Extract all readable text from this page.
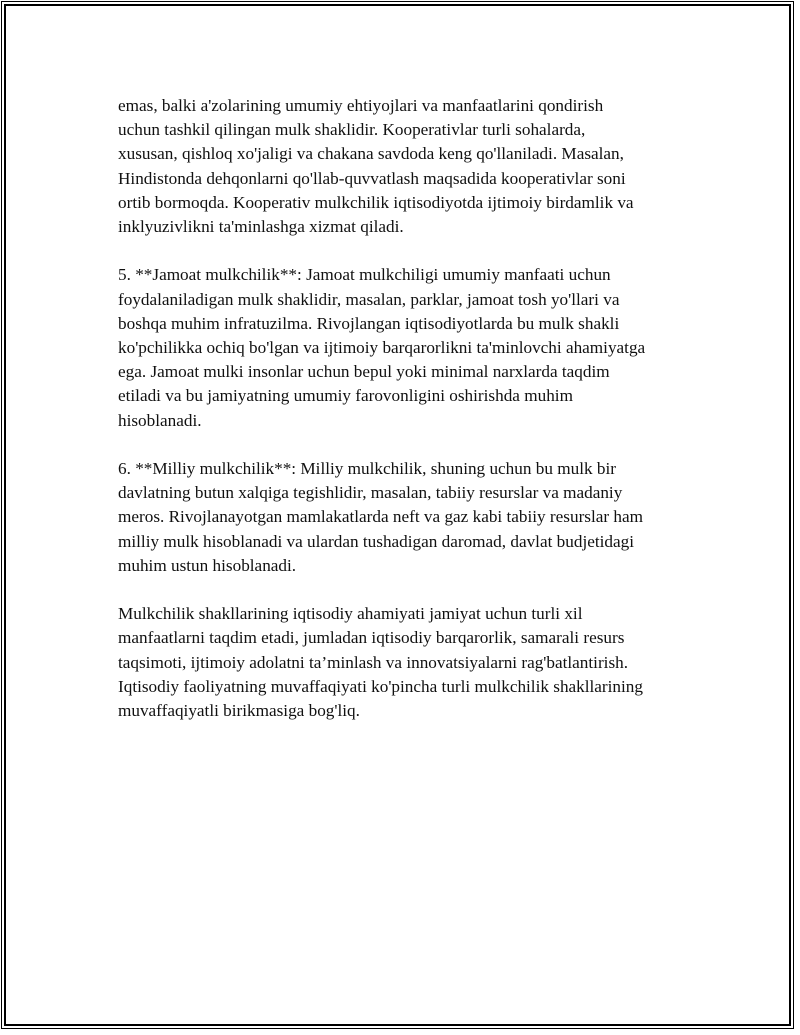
emas, balki a'zolarining umumiy ehtiyojlari va manfaatlarini qondirish
uchun tashkil qilingan mulk shaklidir. Kooperativlar turli sohalarda,
xususan, qishloq xo'jaligi va chakana savdoda keng qo'llaniladi. Masalan,
Hindistonda dehqonlarni qo'llab-quvvatlash maqsadida kooperativlar soni
ortib bormoqda. Kooperativ mulkchilik iqtisodiyotda ijtimoiy birdamlik va
inklyuzivlikni ta'minlashga xizmat qiladi.

5. **Jamoat mulkchilik**: Jamoat mulkchiligi umumiy manfaati uchun
foydalaniladigan mulk shaklidir, masalan, parklar, jamoat tosh yo'llari va
boshqa muhim infratuzilma. Rivojlangan iqtisodiyotlarda bu mulk shakli
ko'pchilikka ochiq bo'lgan va ijtimoiy barqarorlikni ta'minlovchi ahamiyatga
ega. Jamoat mulki insonlar uchun bepul yoki minimal narxlarda taqdim
etiladi va bu jamiyatning umumiy farovonligini oshirishda muhim
hisoblanadi.

6. **Milliy mulkchilik**: Milliy mulkchilik, shuning uchun bu mulk bir
davlatning butun xalqiga tegishlidir, masalan, tabiiy resurslar va madaniy
meros. Rivojlanayotgan mamlakatlarda neft va gaz kabi tabiiy resurslar ham
milliy mulk hisoblanadi va ulardan tushadigan daromad, davlat budjetidagi
muhim ustun hisoblanadi.

Mulkchilik shakllarining iqtisodiy ahamiyati jamiyat uchun turli xil
manfaatlarni taqdim etadi, jumladan iqtisodiy barqarorlik, samarali resurs
taqsimoti, ijtimoiy adolatni ta’minlash va innovatsiyalarni rag'batlantirish.
Iqtisodiy faoliyatning muvaffaqiyati ko'pincha turli mulkchilik shakllarining
muvaffaqiyatli birikmasiga bog'liq.
